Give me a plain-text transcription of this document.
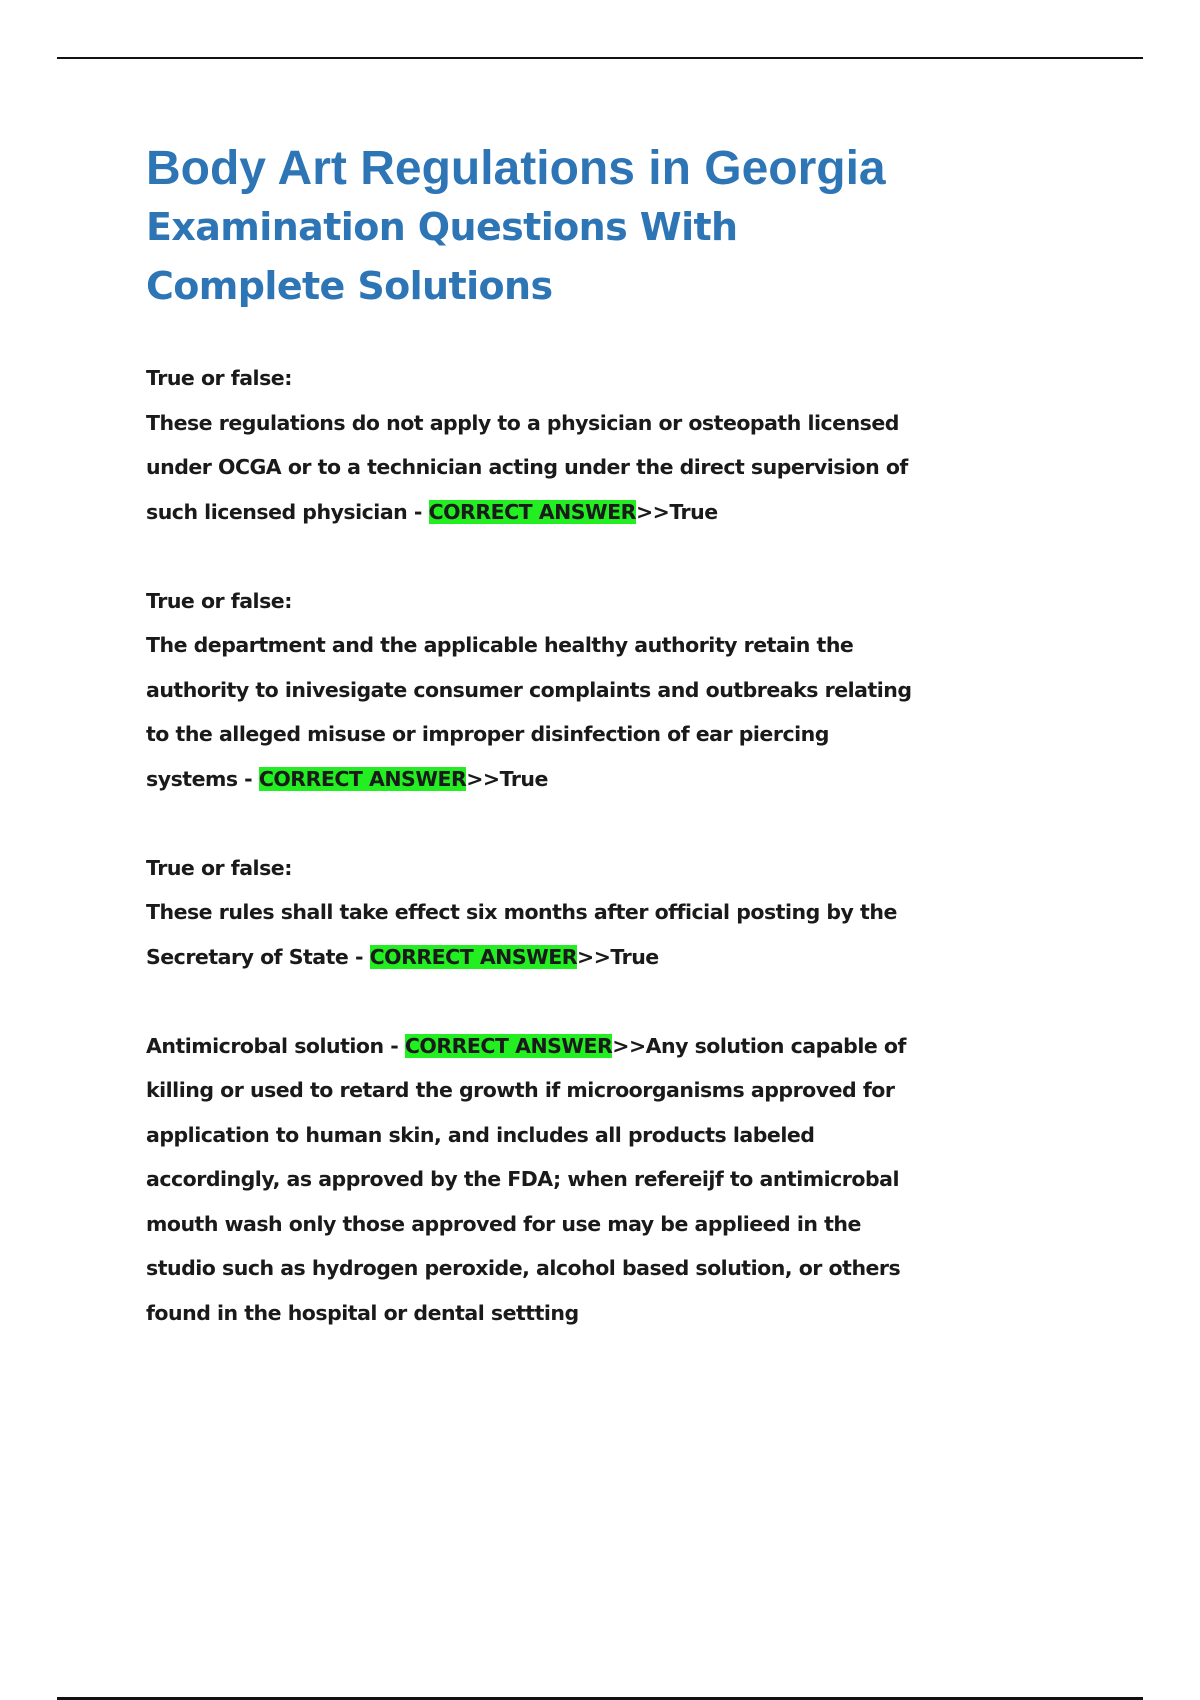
Body Art Regulations in Georgia
Examination Questions With
Complete Solutions
True or false:
These regulations do not apply to a physician or osteopath licensed under OCGA or to a technician acting under the direct supervision of such licensed physician - CORRECT ANSWER>>True
True or false:
The department and the applicable healthy authority retain the authority to inivesigate consumer complaints and outbreaks relating to the alleged misuse or improper disinfection of ear piercing systems - CORRECT ANSWER>>True
True or false:
These rules shall take effect six months after official posting by the Secretary of State - CORRECT ANSWER>>True
Antimicrobal solution - CORRECT ANSWER>>Any solution capable of killing or used to retard the growth if microorganisms approved for application to human skin, and includes all products labeled accordingly, as approved by the FDA; when refereijf to antimicrobal mouth wash only those approved for use may be applieed in the studio such as hydrogen peroxide, alcohol based solution, or others found in the hospital or dental settting
